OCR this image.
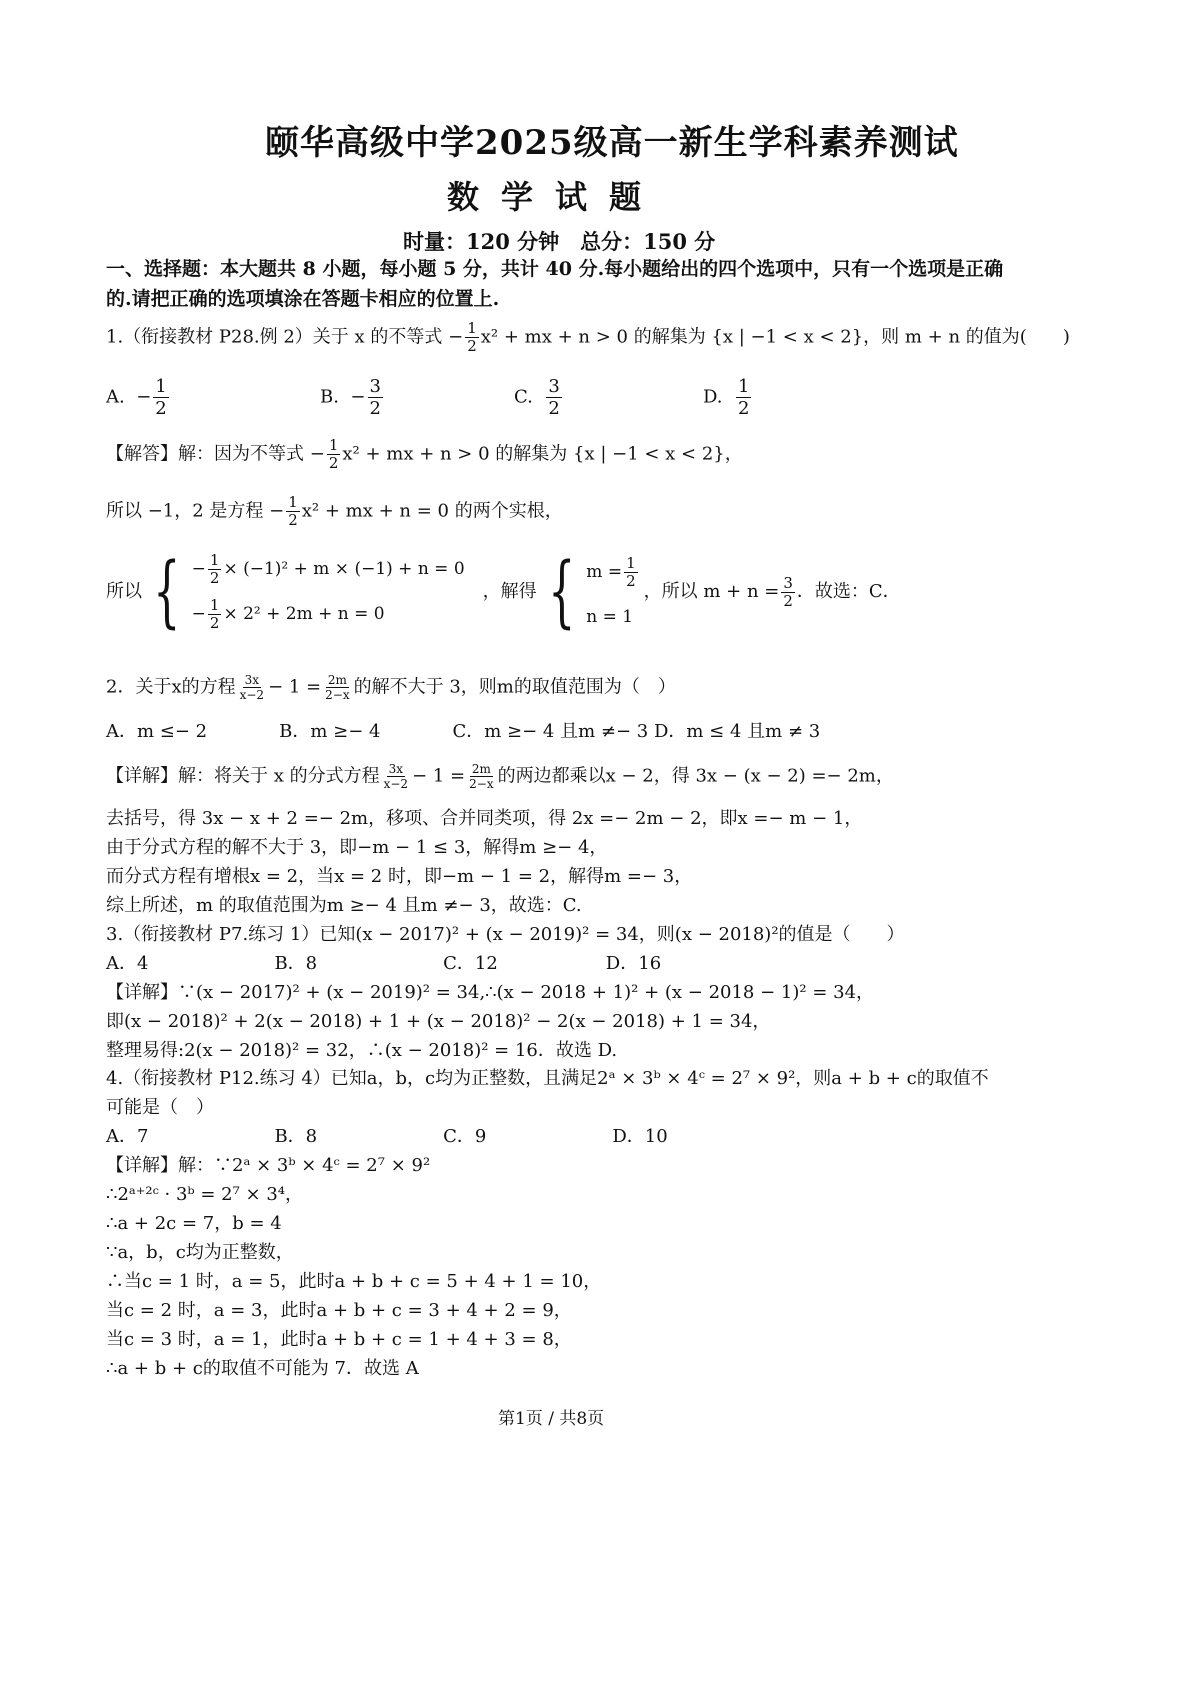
颐华高级中学2025级高一新生学科素养测试
数学试题
时量：120 分钟　总分：150 分
一、选择题：本大题共 8 小题，每小题 5 分，共计 40 分.每小题给出的四个选项中，只有一个选项是正确
的.请把正确的选项填涂在答题卡相应的位置上.
1.（衔接教材 P28.例 2）关于 x 的不等式 − $\frac{1}{2} x^2$ + mx + n > 0 的解集为 {x | −1 < x < 2}，则 m + n 的值为(　　)
A. − $\frac{1}{2}$	B. − $\frac{3}{2}$	C. $\frac{3}{2}$	D. $\frac{1}{2}$
【解答】解：因为不等式 − $\frac{1}{2} x^2$ + mx + n > 0 的解集为 {x | −1 < x < 2}，
所以 −1，2 是方程 − $\frac{1}{2} x^2$ + mx + n = 0 的两个实根，
所以 { − $\frac{1}{2} \times (-1)^2 + m \times (-1) + n = 0$
− $\frac{1}{2} \times 2^2 + 2m + n = 0$
，解得 { $m = \frac{1}{2}$
n = 1
，所以 $m + n = \frac{3}{2}$ ．故选：C．
2．关于x的方程 $\frac{3x}{x-2} - 1 = \frac{2m}{2-x}$ 的解不大于 3，则m的取值范围为（　）
A．m ≤− 2　　　　B．m ≥− 4　　　　C．m ≥− 4 且m ≠− 3 D．m ≤ 4 且m ≠ 3
【详解】解：将关于 x 的分式方程 $\frac{3x}{x-2} - 1 = \frac{2m}{2-x}$ 的两边都乘以x − 2，得 3x − (x − 2) =− 2m，
去括号，得 3x − x + 2 =− 2m，移项、合并同类项，得 2x =− 2m − 2，即x =− m − 1，
由于分式方程的解不大于 3，即−m − 1 ≤ 3，解得m ≥− 4，
而分式方程有增根x = 2，当x = 2 时，即−m − 1 = 2，解得m =− 3，
综上所述，m 的取值范围为m ≥− 4 且m ≠− 3，故选：C.
3.（衔接教材 P7.练习 1）已知(x − 2017)² + (x − 2019)² = 34，则(x − 2018)²的值是（　　）
A．4　　　　　　　B．8　　　　　　　C．12　　　　　　D．16
【详解】∵(x − 2017)² + (x − 2019)² = 34,∴(x − 2018 + 1)² + (x − 2018 − 1)² = 34，
即(x − 2018)² + 2(x − 2018) + 1 + (x − 2018)² − 2(x − 2018) + 1 = 34，
整理易得:2(x − 2018)² = 32，∴(x − 2018)² = 16．故选 D.
4.（衔接教材 P12.练习 4）已知a，b，c均为正整数，且满足2ᵃ × 3ᵇ × 4ᶜ = 2⁷ × 9²，则a + b + c的取值不
可能是（　）
A．7　　　　　　　B．8　　　　　　　C．9　　　　　　　D．10
【详解】解：∵2ᵃ × 3ᵇ × 4ᶜ = 2⁷ × 9²
∴2ᵃ⁺²ᶜ · 3ᵇ = 2⁷ × 3⁴，
∴a + 2c = 7，b = 4
∵a，b，c均为正整数，
∴当c = 1 时，a = 5，此时a + b + c = 5 + 4 + 1 = 10，
当c = 2 时，a = 3，此时a + b + c = 3 + 4 + 2 = 9，
当c = 3 时，a = 1，此时a + b + c = 1 + 4 + 3 = 8，
∴a + b + c的取值不可能为 7．故选 A
第1页 / 共8页
